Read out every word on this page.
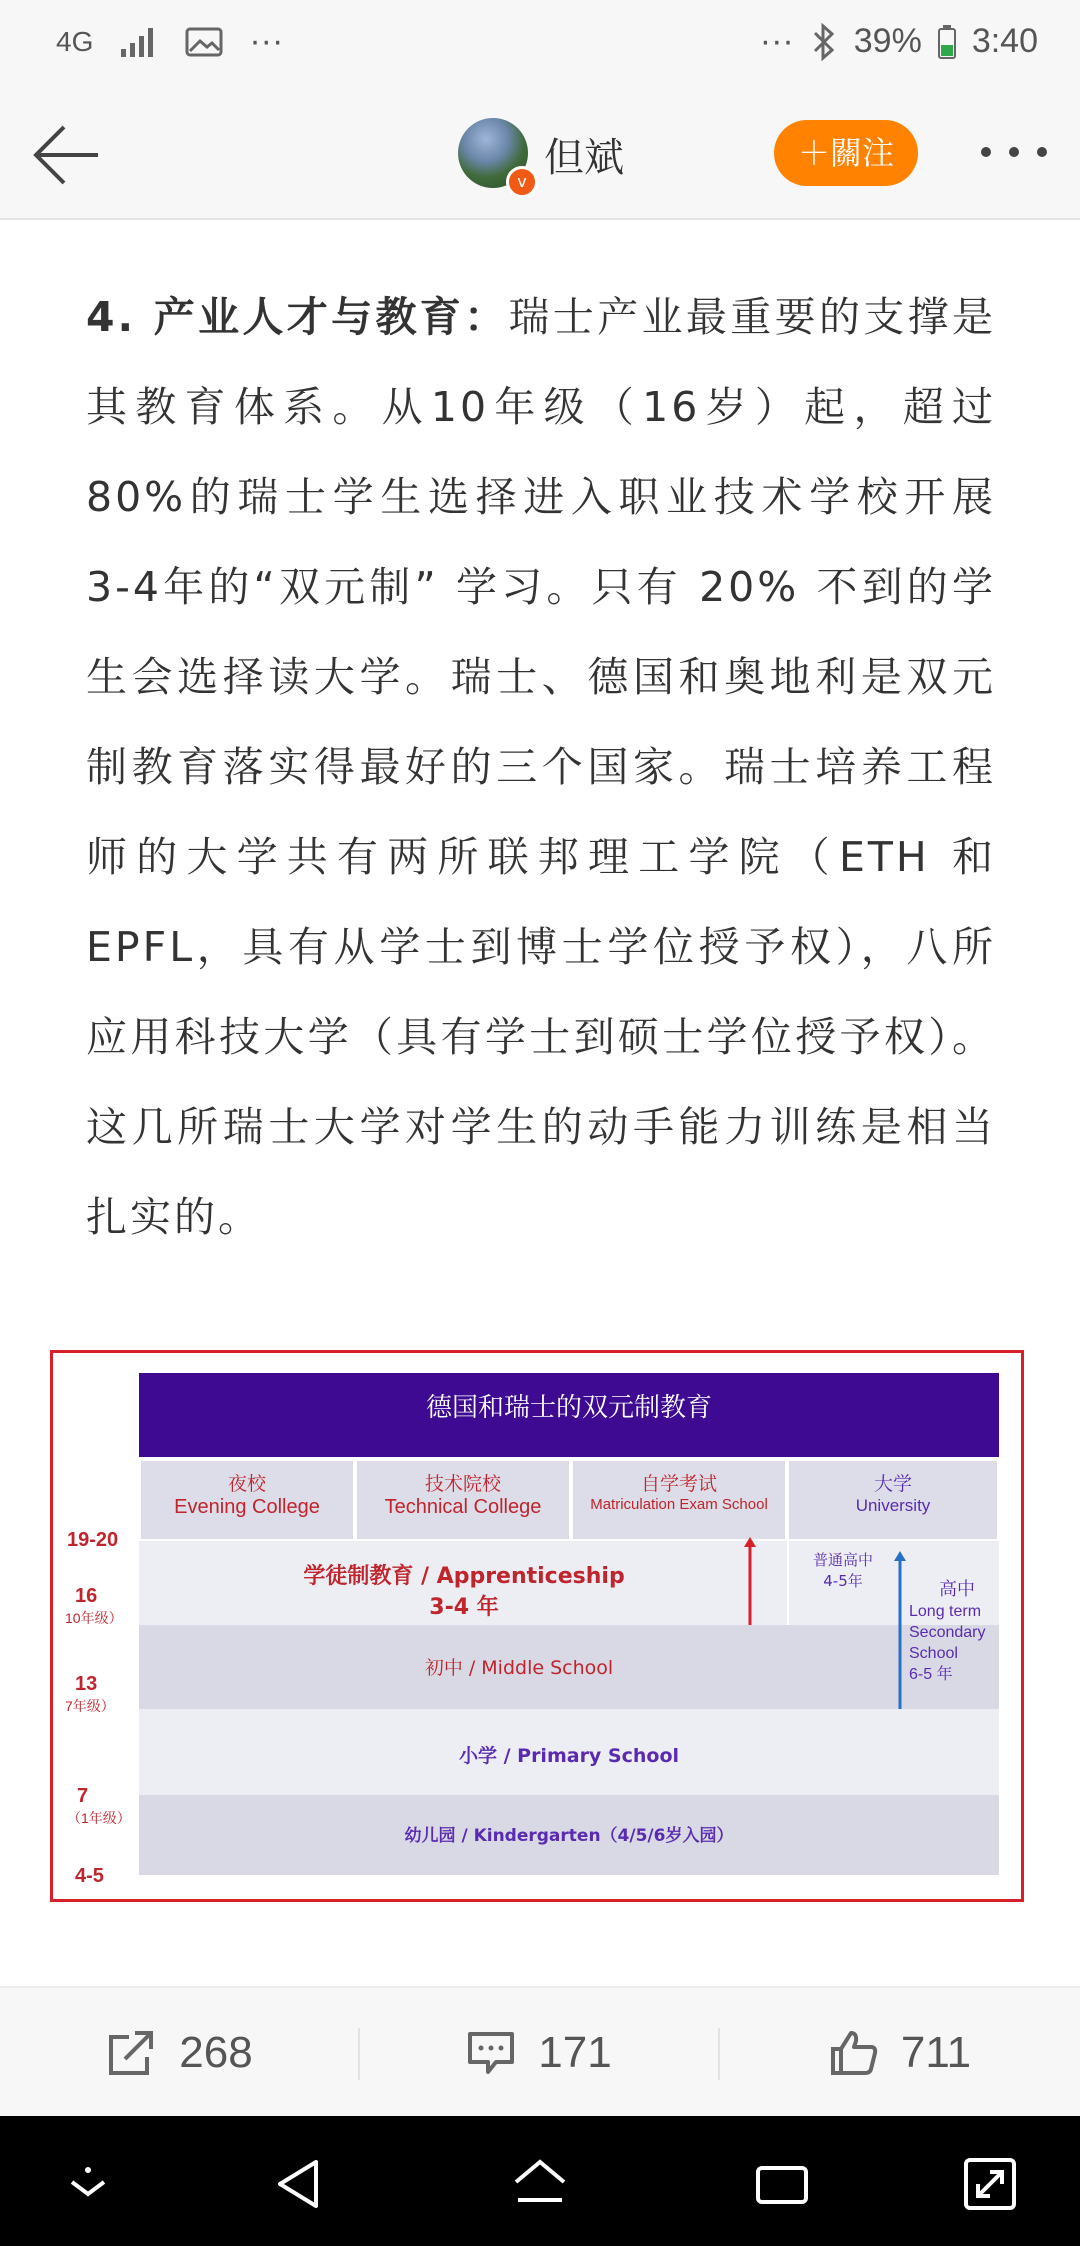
4G	···	··· 39% 3:40
v
但斌	＋關注
4. 产业人才与教育：瑞士产业最重要的支撑是其教育体系。从10年级（16岁）起，超过80%的瑞士学生选择进入职业技术学校开展 3-4年的“双元制” 学习。只有 20% 不到的学生会选择读大学。瑞士、德国和奥地利是双元制教育落实得最好的三个国家。瑞士培养工程师的大学共有两所联邦理工学院（ETH 和 EPFL，具有从学士到博士学位授予权），八所应用科技大学（具有学士到硕士学位授予权）。这几所瑞士大学对学生的动手能力训练是相当扎实的。
德国和瑞士的双元制教育
夜校
Evening College
技术院校
Technical College
自学考试
Matriculation Exam School
大学
University
学徒制教育 / Apprenticeship
3-4 年
普通高中
4-5年
初中 / Middle School
高中
Long term
Secondary
School
6-5 年
小学 / Primary School
幼儿园 / Kindergarten（4/5/6岁入园）
19-20
16
10年级）
13
7年级）
7
（1年级）
4-5
268	171	711
